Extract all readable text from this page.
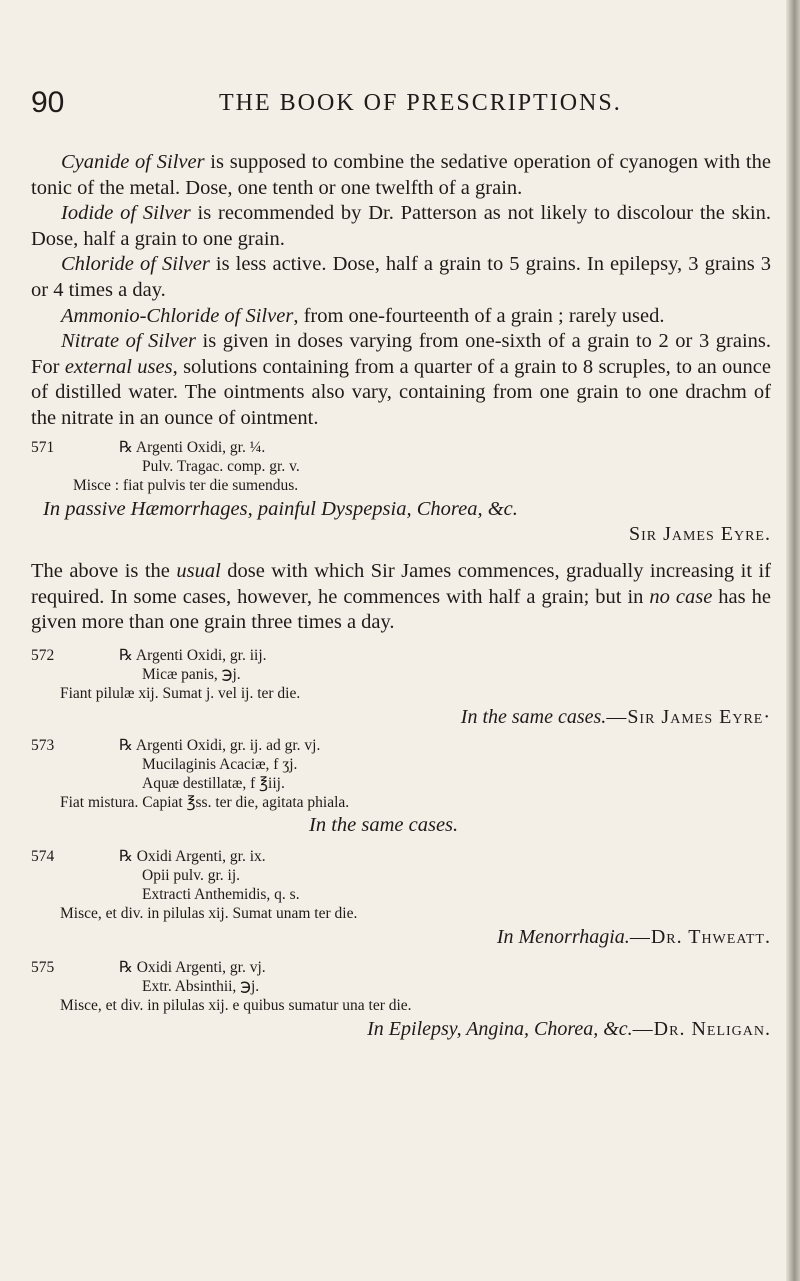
90	THE BOOK OF PRESCRIPTIONS.

Cyanide of Silver is supposed to combine the sedative operation of cyanogen with the tonic of the metal. Dose, one tenth or one twelfth of a grain.

Iodide of Silver is recommended by Dr. Patterson as not likely to discolour the skin. Dose, half a grain to one grain.

Chloride of Silver is less active. Dose, half a grain to 5 grains. In epilepsy, 3 grains 3 or 4 times a day.

Ammonio-Chloride of Silver, from one-fourteenth of a grain ; rarely used.

Nitrate of Silver is given in doses varying from one-sixth of a grain to 2 or 3 grains. For external uses, solutions containing from a quarter of a grain to 8 scruples, to an ounce of distilled water. The ointments also vary, containing from one grain to one drachm of the nitrate in an ounce of ointment.

571	℞ Argenti Oxidi, gr. ¼.
Pulv. Tragac. comp. gr. v.
Misce : fiat pulvis ter die sumendus.

In passive Hæmorrhages, painful Dyspepsia, Chorea, &c.

Sir James Eyre.

The above is the usual dose with which Sir James commences, gradually increasing it if required. In some cases, however, he commences with half a grain; but in no case has he given more than one grain three times a day.

572	℞ Argenti Oxidi, gr. iij.
Micæ panis, ℈j.
Fiant pilulæ xij. Sumat j. vel ij. ter die.

In the same cases.—Sir James Eyre·

573	℞ Argenti Oxidi, gr. ij. ad gr. vj.
Mucilaginis Acaciæ, f ʒj.
Aquæ destillatæ, f ℥iij.
Fiat mistura. Capiat ℥ss. ter die, agitata phiala.

In the same cases.

574	℞ Oxidi Argenti, gr. ix.
Opii pulv. gr. ij.
Extracti Anthemidis, q. s.
Misce, et div. in pilulas xij. Sumat unam ter die.

In Menorrhagia.—Dr. Thweatt.

575	℞ Oxidi Argenti, gr. vj.
Extr. Absinthii, ℈j.
Misce, et div. in pilulas xij. e quibus sumatur una ter die.

In Epilepsy, Angina, Chorea, &c.—Dr. Neligan.
